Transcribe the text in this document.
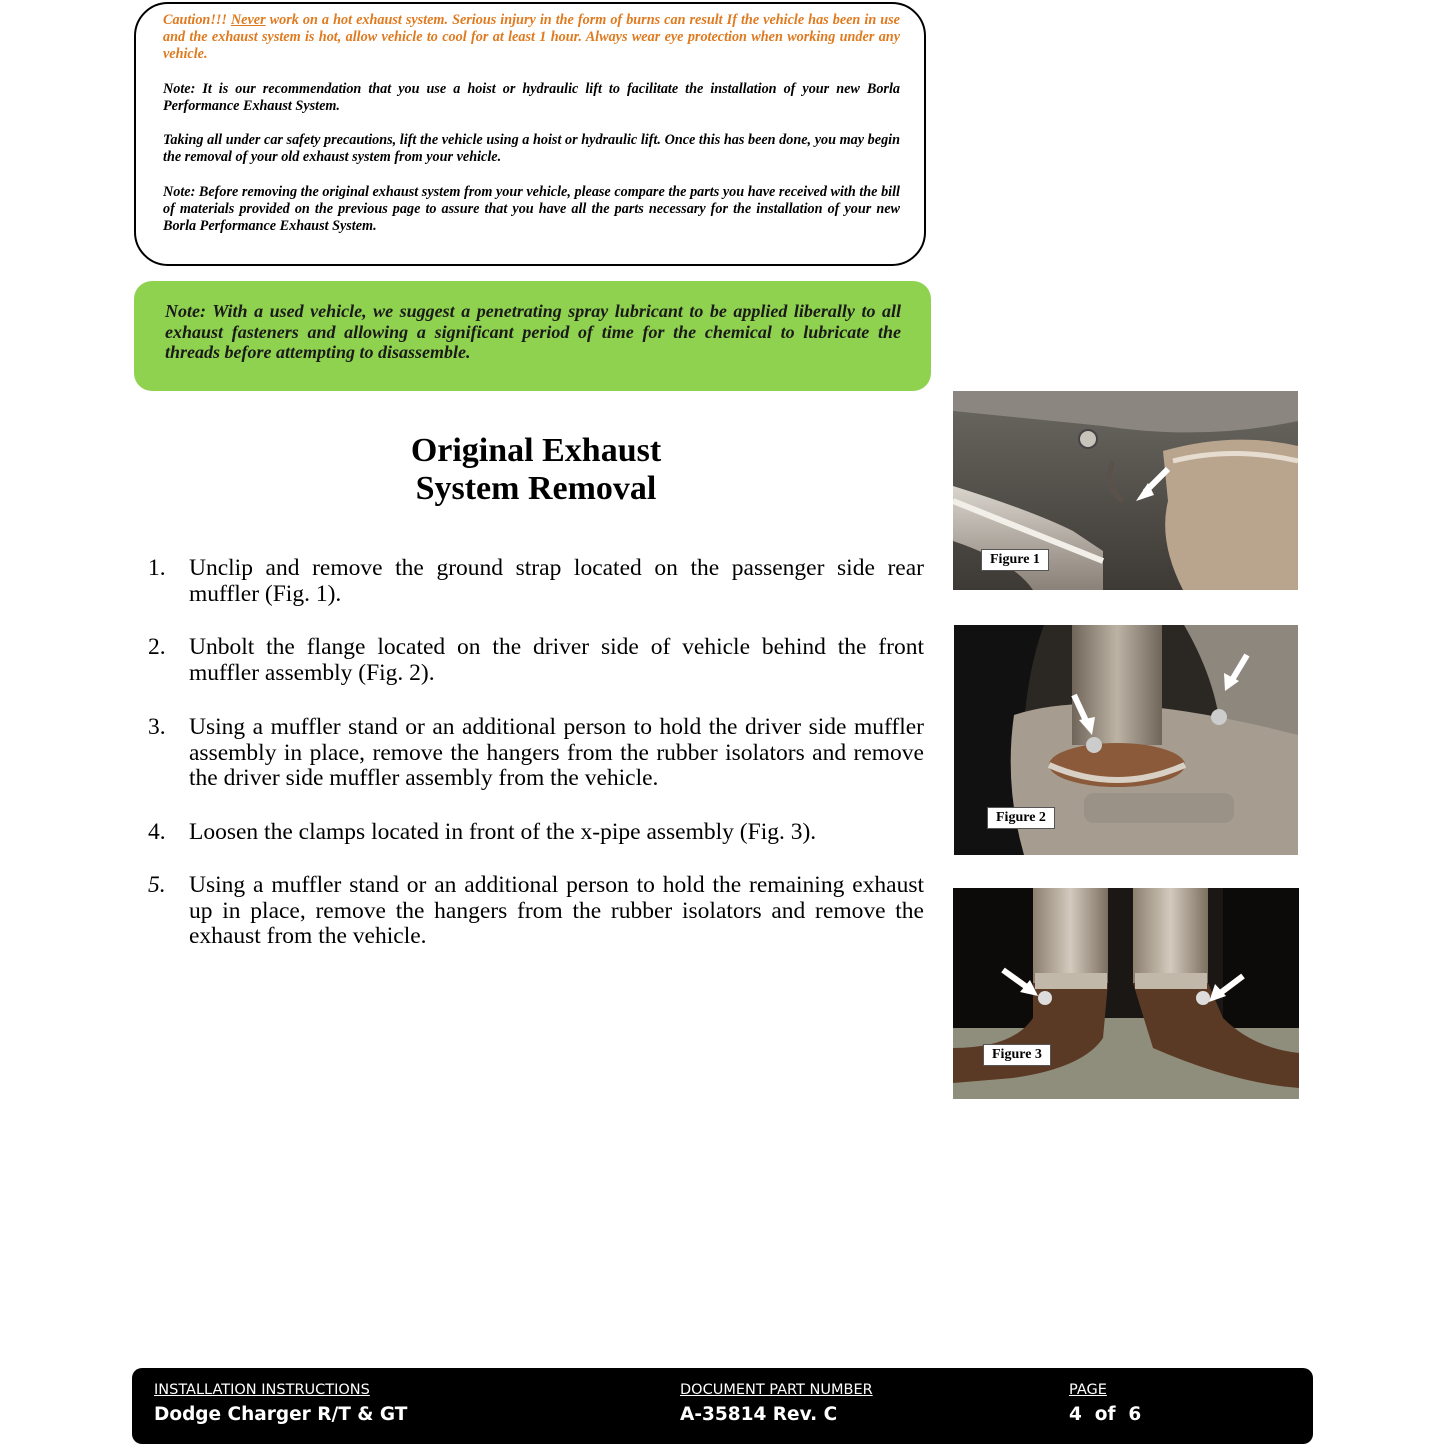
Caution!!! Never work on a hot exhaust system. Serious injury in the form of burns can result If the vehicle has been in use and the exhaust system is hot, allow vehicle to cool for at least 1 hour. Always wear eye protection when working under any vehicle.

Note: It is our recommendation that you use a hoist or hydraulic lift to facilitate the installation of your new Borla Performance Exhaust System.

Taking all under car safety precautions, lift the vehicle using a hoist or hydraulic lift. Once this has been done, you may begin the removal of your old exhaust system from your vehicle.

Note: Before removing the original exhaust system from your vehicle, please compare the parts you have received with the bill of materials provided on the previous page to assure that you have all the parts necessary for the installation of your new Borla Performance Exhaust System.

Note: With a used vehicle, we suggest a penetrating spray lubricant to be applied liberally to all exhaust fasteners and allowing a significant period of time for the chemical to lubricate the threads before attempting to disassemble.

Original Exhaust
System Removal
1. Unclip and remove the ground strap located on the passenger side rear muffler (Fig. 1).
2. Unbolt the flange located on the driver side of vehicle behind the front muffler assembly (Fig. 2).
3. Using a muffler stand or an additional person to hold the driver side muffler assembly in place, remove the hangers from the rubber isolators and remove the driver side muffler assembly from the vehicle.
4. Loosen the clamps located in front of the x-pipe assembly (Fig. 3).
5. Using a muffler stand or an additional person to hold the remaining exhaust up in place, remove the hangers from the rubber isolators and remove the exhaust from the vehicle.
Figure 1
Figure 2
Figure 3
INSTALLATION INSTRUCTIONS
Dodge Charger R/T & GT
DOCUMENT PART NUMBER
A-35814 Rev. C
PAGE
4  of  6
